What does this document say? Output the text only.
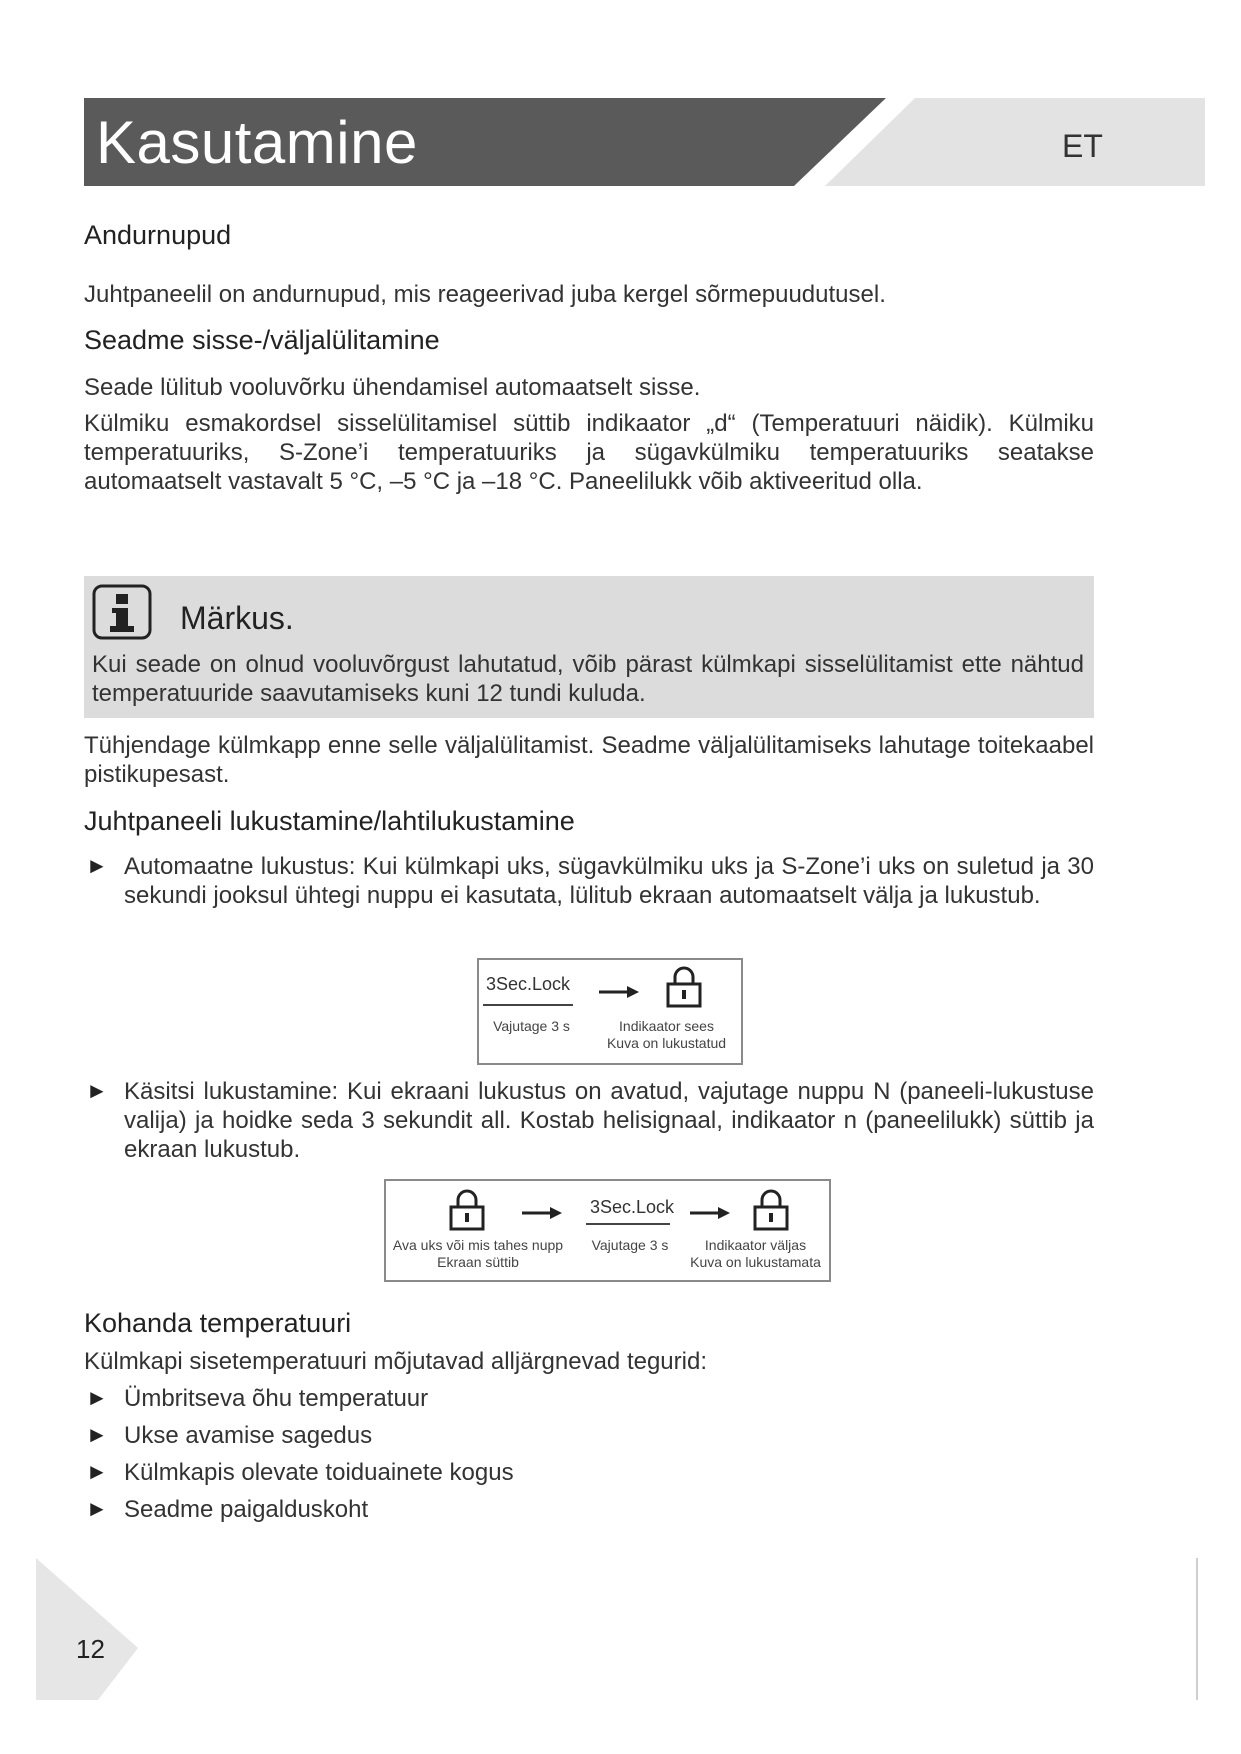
Kasutamine	ET
Andurnupud
Juhtpaneelil on andurnupud, mis reageerivad juba kergel sõrmepuudutusel.
Seadme sisse-/väljalülitamine
Seade lülitub vooluvõrku ühendamisel automaatselt sisse.
Külmiku esmakordsel sisselülitamisel süttib indikaator „d“ (Temperatuuri näidik). Külmiku temperatuuriks, S-Zone’i temperatuuriks ja sügavkülmiku temperatuuriks seatakse automaatselt vastavalt 5 °C, –5 °C ja –18 °C. Paneelilukk võib aktiveeritud olla.
Märkus.
Kui seade on olnud vooluvõrgust lahutatud, võib pärast külmkapi sisselülitamist ette nähtud temperatuuride saavutamiseks kuni 12 tundi kuluda.
Tühjendage külmkapp enne selle väljalülitamist. Seadme väljalülitamiseks lahutage toitekaabel pistikupesast.
Juhtpaneeli lukustamine/lahtilukustamine
► Automaatne lukustus: Kui külmkapi uks, sügavkülmiku uks ja S-Zone’i uks on suletud ja 30 sekundi jooksul ühtegi nuppu ei kasutata, lülitub ekraan automaatselt välja ja lukustub.
3Sec.Lock
Vajutage 3 s	Indikaator sees
Kuva on lukustatud
► Käsitsi lukustamine: Kui ekraani lukustus on avatud, vajutage nuppu N (paneeli-lukustuse valija) ja hoidke seda 3 sekundit all. Kostab helisignaal, indikaator n (paneelilukk) süttib ja ekraan lukustub.
3Sec.Lock
Ava uks või mis tahes nupp
Ekraan süttib
Vajutage 3 s	Indikaator väljas
Kuva on lukustamata
Kohanda temperatuuri
Külmkapi sisetemperatuuri mõjutavad alljärgnevad tegurid:
► Ümbritseva õhu temperatuur
► Ukse avamise sagedus
► Külmkapis olevate toiduainete kogus
► Seadme paigalduskoht
12
